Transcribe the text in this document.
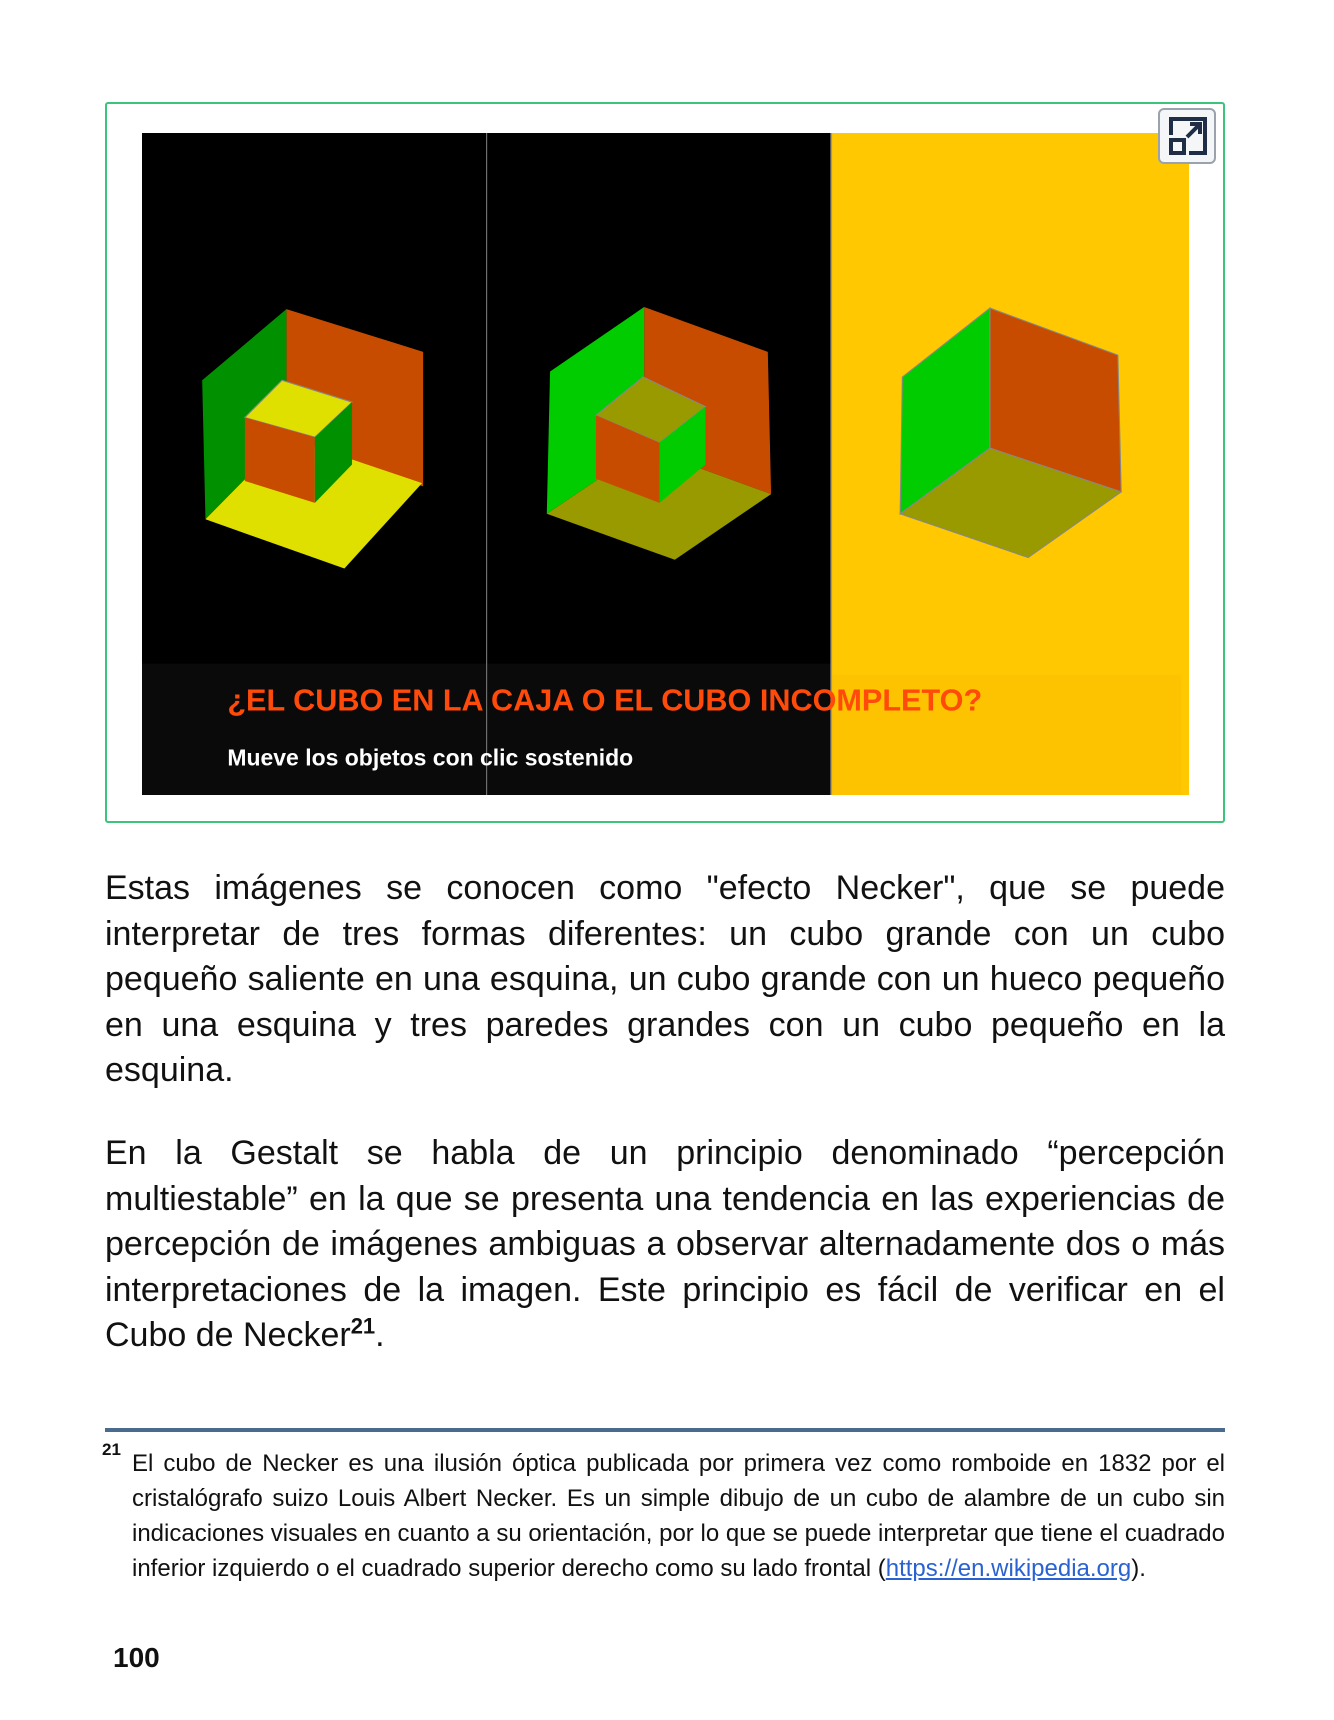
¿EL CUBO EN LA CAJA O EL CUBO INCOMPLETO?
Mueve los objetos con clic sostenido

Estas imágenes se conocen como "efecto Necker", que se puede interpretar de tres formas diferentes: un cubo grande con un cubo pequeño saliente en una esquina, un cubo grande con un hueco pequeño en una esquina y tres paredes grandes con un cubo pequeño en la esquina.

En la Gestalt se habla de un principio denominado “percepción multiestable” en la que se presenta una tendencia en las experiencias de percepción de imágenes ambiguas a observar alternadamente dos o más interpretaciones de la imagen. Este principio es fácil de verificar en el Cubo de Necker$^{21}$.

21

El cubo de Necker es una ilusión óptica publicada por primera vez como romboide en 1832 por el cristalógrafo suizo Louis Albert Necker. Es un simple dibujo de un cubo de alambre de un cubo sin indicaciones visuales en cuanto a su orientación, por lo que se puede interpretar que tiene el cuadrado inferior izquierdo o el cuadrado superior derecho como su lado frontal (https://en.wikipedia.org).

100
